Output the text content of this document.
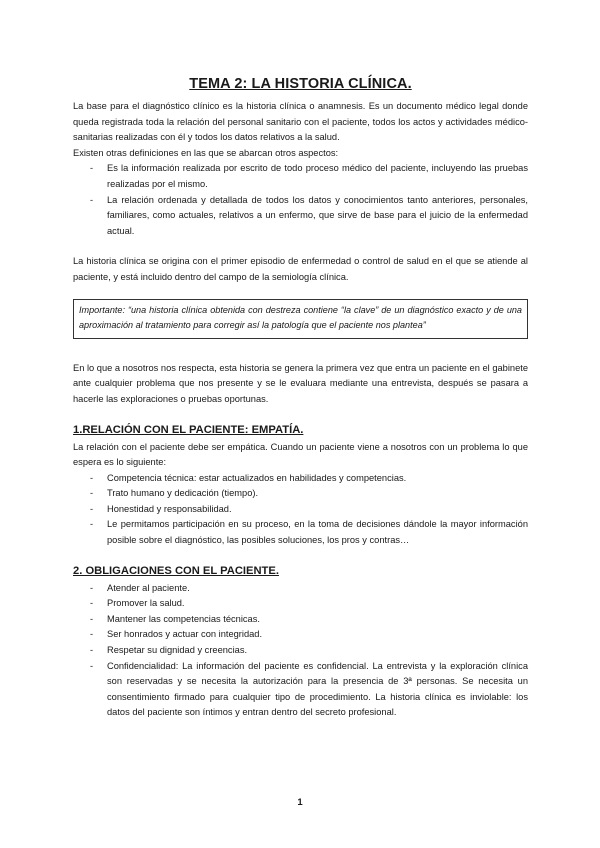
TEMA 2: LA HISTORIA CLÍNICA.

La base para el diagnóstico clínico es la historia clínica o anamnesis. Es un documento médico legal donde queda registrada toda la relación del personal sanitario con el paciente, todos los actos y actividades médico-sanitarias realizadas con él y todos los datos relativos a la salud.

Existen otras definiciones en las que se abarcan otros aspectos:

- Es la información realizada por escrito de todo proceso médico del paciente, incluyendo las pruebas realizadas por el mismo.
- La relación ordenada y detallada de todos los datos y conocimientos tanto anteriores, personales, familiares, como actuales, relativos a un enfermo, que sirve de base para el juicio de la enfermedad actual.

La historia clínica se origina con el primer episodio de enfermedad o control de salud en el que se atiende al paciente, y está incluido dentro del campo de la semiología clínica.

Importante: “una historia clínica obtenida con destreza contiene “la clave” de un diagnóstico exacto y de una aproximación al tratamiento para corregir así la patología que el paciente nos plantea”

En lo que a nosotros nos respecta, esta historia se genera la primera vez que entra un paciente en el gabinete ante cualquier problema que nos presente y se le evaluara mediante una entrevista, después se pasara a hacerle las exploraciones o pruebas oportunas.

1.RELACIÓN CON EL PACIENTE: EMPATÍA.

La relación con el paciente debe ser empática. Cuando un paciente viene a nosotros con un problema lo que espera es lo siguiente:

- Competencia técnica: estar actualizados en habilidades y competencias.
- Trato humano y dedicación (tiempo).
- Honestidad y responsabilidad.
- Le permitamos participación en su proceso, en la toma de decisiones dándole la mayor información posible sobre el diagnóstico, las posibles soluciones, los pros y contras…
2. OBLIGACIONES CON EL PACIENTE.
- Atender al paciente.
- Promover la salud.
- Mantener las competencias técnicas.
- Ser honrados y actuar con integridad.
- Respetar su dignidad y creencias.
- Confidencialidad: La información del paciente es confidencial. La entrevista y la exploración clínica son reservadas y se necesita la autorización para la presencia de 3ª personas. Se necesita un consentimiento firmado para cualquier tipo de procedimiento. La historia clínica es inviolable: los datos del paciente son íntimos y entran dentro del secreto profesional.
1
